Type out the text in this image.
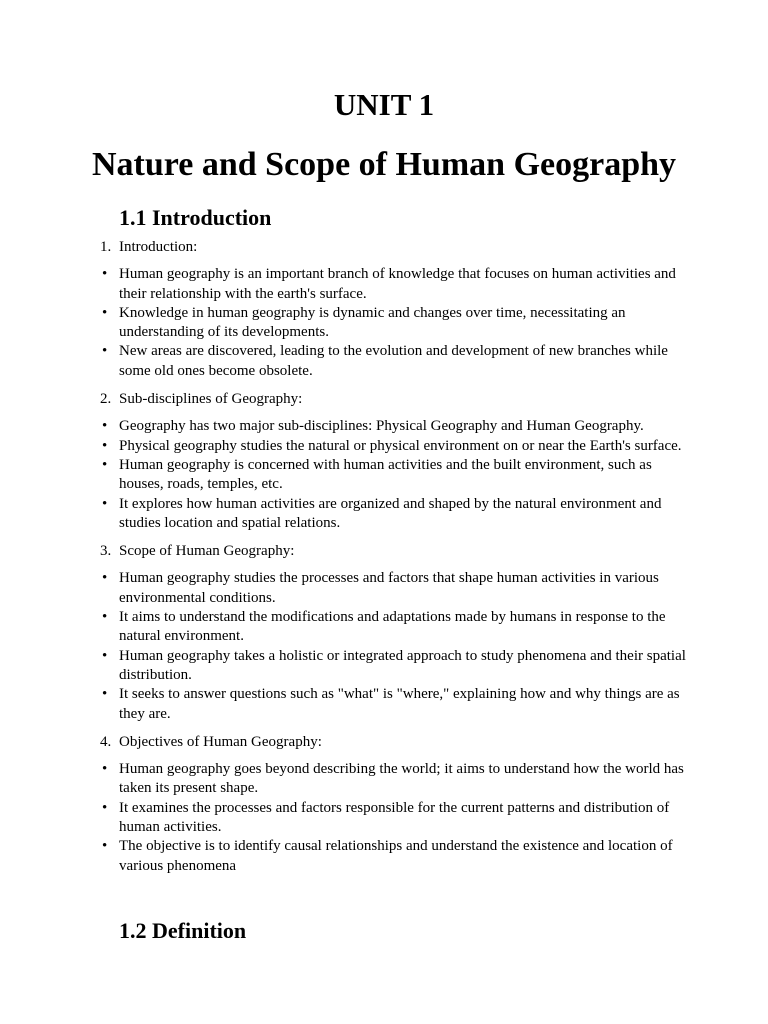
UNIT 1
Nature and Scope of Human Geography
1.1 Introduction
1. Introduction:
• Human geography is an important branch of knowledge that focuses on human activities and their relationship with the earth's surface.
• Knowledge in human geography is dynamic and changes over time, necessitating an understanding of its developments.
• New areas are discovered, leading to the evolution and development of new branches while some old ones become obsolete.
2. Sub-disciplines of Geography:
• Geography has two major sub-disciplines: Physical Geography and Human Geography.
• Physical geography studies the natural or physical environment on or near the Earth's surface.
• Human geography is concerned with human activities and the built environment, such as houses, roads, temples, etc.
• It explores how human activities are organized and shaped by the natural environment and studies location and spatial relations.
3. Scope of Human Geography:
• Human geography studies the processes and factors that shape human activities in various environmental conditions.
• It aims to understand the modifications and adaptations made by humans in response to the natural environment.
• Human geography takes a holistic or integrated approach to study phenomena and their spatial distribution.
• It seeks to answer questions such as "what" is "where," explaining how and why things are as they are.
4. Objectives of Human Geography:
• Human geography goes beyond describing the world; it aims to understand how the world has taken its present shape.
• It examines the processes and factors responsible for the current patterns and distribution of human activities.
• The objective is to identify causal relationships and understand the existence and location of various phenomena
1.2 Definition
